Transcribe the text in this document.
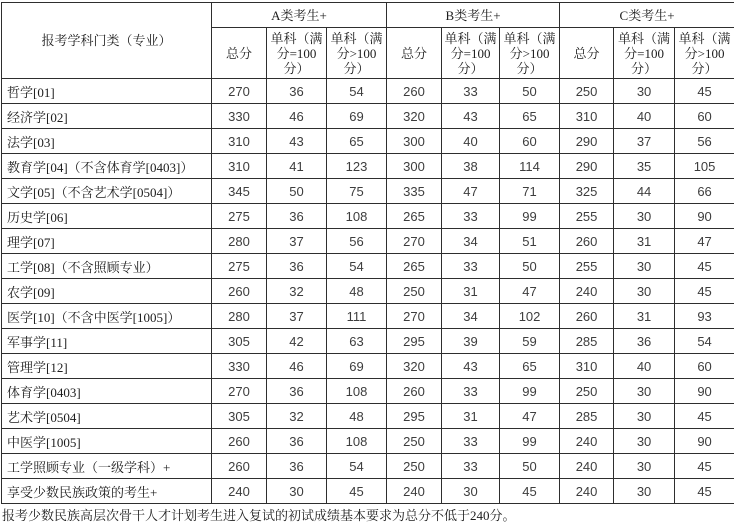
报考学科门类（专业）	A类考生+			B类考生+			C类考生+		
	总分	单科（满分=100分）	单科（满分>100分）	总分	单科（满分=100分）	单科（满分>100分）	总分	单科（满分=100分）	单科（满分>100分）
哲学[01]	270	36	54	260	33	50	250	30	45
经济学[02]	330	46	69	320	43	65	310	40	60
法学[03]	310	43	65	300	40	60	290	37	56
教育学[04]（不含体育学[0403]）	310	41	123	300	38	114	290	35	105
文学[05]（不含艺术学[0504]）	345	50	75	335	47	71	325	44	66
历史学[06]	275	36	108	265	33	99	255	30	90
理学[07]	280	37	56	270	34	51	260	31	47
工学[08]（不含照顾专业）	275	36	54	265	33	50	255	30	45
农学[09]	260	32	48	250	31	47	240	30	45
医学[10]（不含中医学[1005]）	280	37	111	270	34	102	260	31	93
军事学[11]	305	42	63	295	39	59	285	36	54
管理学[12]	330	46	69	320	43	65	310	40	60
体育学[0403]	270	36	108	260	33	99	250	30	90
艺术学[0504]	305	32	48	295	31	47	285	30	45
中医学[1005]	260	36	108	250	33	99	240	30	90
工学照顾专业（一级学科）+	260	36	54	250	33	50	240	30	45
享受少数民族政策的考生+	240	30	45	240	30	45	240	30	45
报考少数民族高层次骨干人才计划考生进入复试的初试成绩基本要求为总分不低于240分。
